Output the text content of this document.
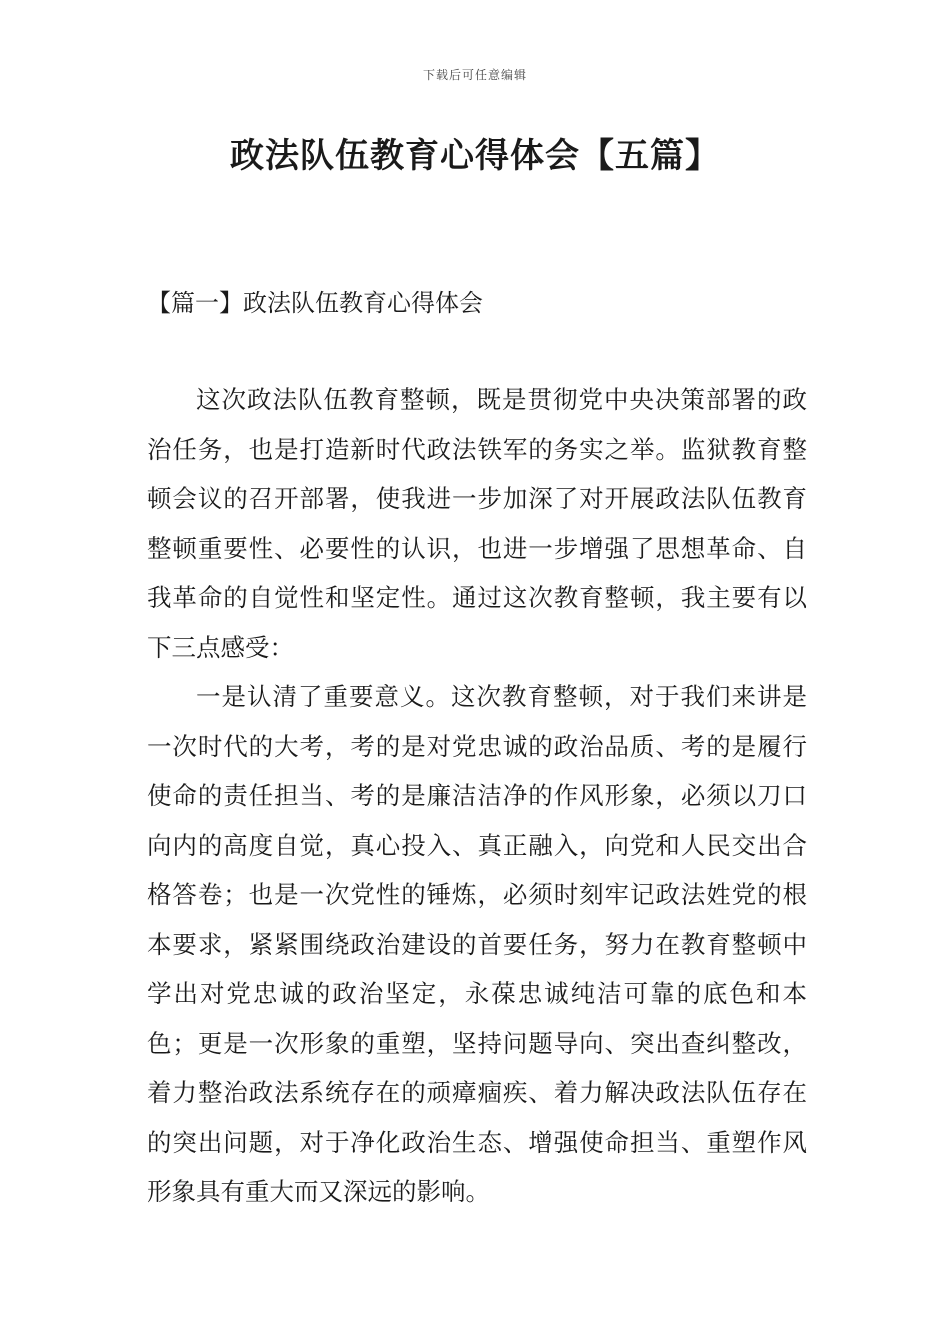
下载后可任意编辑
政法队伍教育心得体会【五篇】
【篇一】政法队伍教育心得体会

这次政法队伍教育整顿，既是贯彻党中央决策部署的政治任务，也是打造新时代政法铁军的务实之举。监狱教育整顿会议的召开部署，使我进一步加深了对开展政法队伍教育整顿重要性、必要性的认识，也进一步增强了思想革命、自我革命的自觉性和坚定性。通过这次教育整顿，我主要有以下三点感受：

一是认清了重要意义。这次教育整顿，对于我们来讲是一次时代的大考，考的是对党忠诚的政治品质、考的是履行使命的责任担当、考的是廉洁洁净的作风形象，必须以刀口向内的高度自觉，真心投入、真正融入，向党和人民交出合格答卷；也是一次党性的锤炼，必须时刻牢记政法姓党的根本要求，紧紧围绕政治建设的首要任务，努力在教育整顿中学出对党忠诚的政治坚定，永葆忠诚纯洁可靠的底色和本色；更是一次形象的重塑，坚持问题导向、突出查纠整改，着力整治政法系统存在的顽瘴痼疾、着力解决政法队伍存在的突出问题，对于净化政治生态、增强使命担当、重塑作风形象具有重大而又深远的影响。
